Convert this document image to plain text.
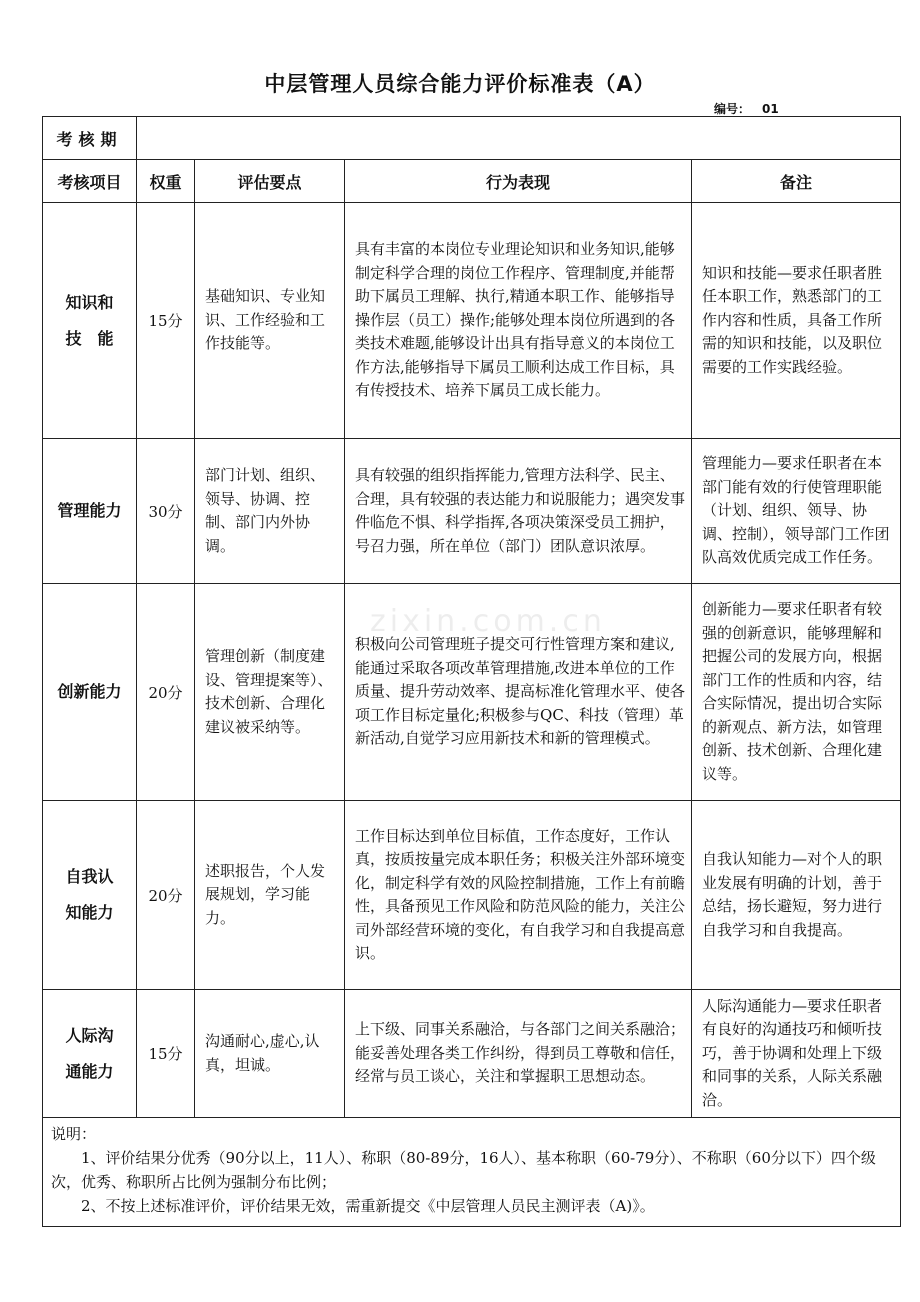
中层管理人员综合能力评价标准表（A）
编号： 01
考核期				
考核项目	权重	评估要点	行为表现	备注
知识和
技　能	15分	基础知识、专业知识、工作经验和工作技能等。	具有丰富的本岗位专业理论知识和业务知识,能够制定科学合理的岗位工作程序、管理制度,并能帮助下属员工理解、执行,精通本职工作、能够指导操作层（员工）操作;能够处理本岗位所遇到的各类技术难题,能够设计出具有指导意义的本岗位工作方法,能够指导下属员工顺利达成工作目标，具有传授技术、培养下属员工成长能力。	知识和技能—要求任职者胜任本职工作，熟悉部门的工作内容和性质，具备工作所需的知识和技能，以及职位需要的工作实践经验。
管理能力	30分	部门计划、组织、领导、协调、控制、部门内外协调。	具有较强的组织指挥能力,管理方法科学、民主、合理，具有较强的表达能力和说服能力；遇突发事件临危不惧、科学指挥,各项决策深受员工拥护，号召力强，所在单位（部门）团队意识浓厚。	管理能力—要求任职者在本部门能有效的行使管理职能（计划、组织、领导、协调、控制），领导部门工作团队高效优质完成工作任务。
创新能力	20分	管理创新（制度建设、管理提案等）、技术创新、合理化建议被采纳等。	积极向公司管理班子提交可行性管理方案和建议,能通过采取各项改革管理措施,改进本单位的工作质量、提升劳动效率、提高标准化管理水平、使各项工作目标定量化;积极参与QC、科技（管理）革新活动,自觉学习应用新技术和新的管理模式。	创新能力—要求任职者有较强的创新意识，能够理解和把握公司的发展方向，根据部门工作的性质和内容，结合实际情况，提出切合实际的新观点、新方法，如管理创新、技术创新、合理化建议等。
自我认
知能力	20分	述职报告，个人发展规划，学习能力。	工作目标达到单位目标值，工作态度好，工作认真，按质按量完成本职任务；积极关注外部环境变化，制定科学有效的风险控制措施，工作上有前瞻性，具备预见工作风险和防范风险的能力，关注公司外部经营环境的变化，有自我学习和自我提高意识。	自我认知能力—对个人的职业发展有明确的计划，善于总结，扬长避短，努力进行自我学习和自我提高。
人际沟
通能力	15分	沟通耐心,虚心,认真，坦诚。	上下级、同事关系融洽，与各部门之间关系融洽；能妥善处理各类工作纠纷，得到员工尊敬和信任，经常与员工谈心，关注和掌握职工思想动态。	人际沟通能力—要求任职者有良好的沟通技巧和倾听技巧，善于协调和处理上下级和同事的关系，人际关系融洽。

说明：
1、评价结果分优秀（90分以上，11人）、称职（80-89分，16人）、基本称职（60-79分）、不称职（60分以下）四个级次，优秀、称职所占比例为强制分布比例；
2、不按上述标准评价，评价结果无效，需重新提交《中层管理人员民主测评表（A)》。				
zixin.com.cn
